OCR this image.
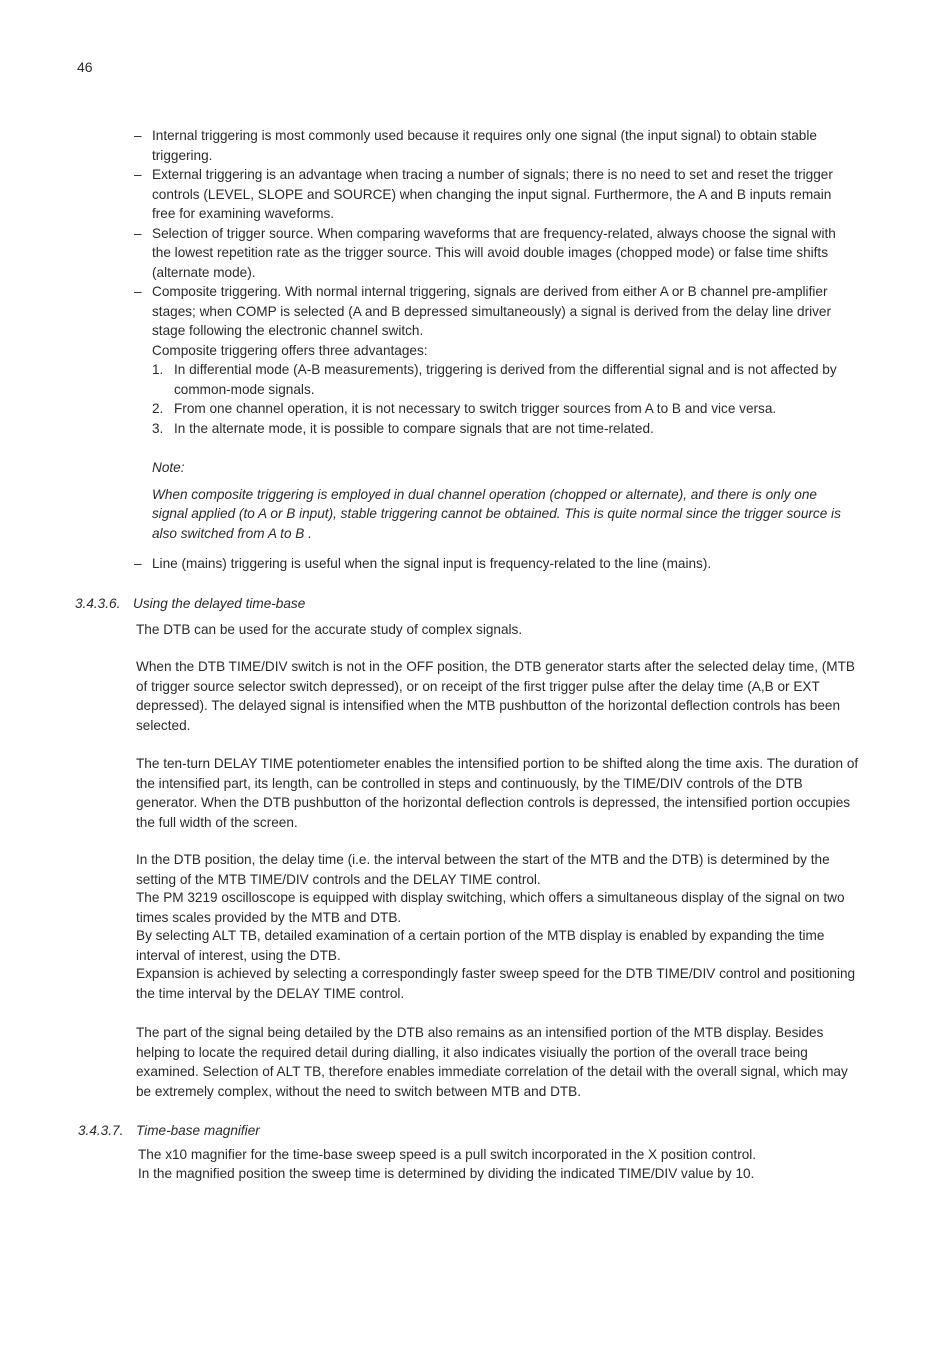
46
– Internal triggering is most commonly used because it requires only one signal (the input signal) to obtain stable triggering.
– External triggering is an advantage when tracing a number of signals; there is no need to set and reset the trigger controls (LEVEL, SLOPE and SOURCE) when changing the input signal. Furthermore, the A and B inputs remain free for examining waveforms.
– Selection of trigger source. When comparing waveforms that are frequency-related, always choose the signal with the lowest repetition rate as the trigger source. This will avoid double images (chopped mode) or false time shifts (alternate mode).
– Composite triggering. With normal internal triggering, signals are derived from either A or B channel pre-amplifier stages; when COMP is selected (A and B depressed simultaneously) a signal is derived from the delay line driver stage following the electronic channel switch.
Composite triggering offers three advantages:
1. In differential mode (A-B measurements), triggering is derived from the differential signal and is not affected by common-mode signals.
2. From one channel operation, it is not necessary to switch trigger sources from A to B and vice versa.
3. In the alternate mode, it is possible to compare signals that are not time-related.
Note:
When composite triggering is employed in dual channel operation (chopped or alternate), and there is only one signal applied (to A or B input), stable triggering cannot be obtained. This is quite normal since the trigger source is also switched from A to B .
– Line (mains) triggering is useful when the signal input is frequency-related to the line (mains).
3.4.3.6. Using the delayed time-base

The DTB can be used for the accurate study of complex signals.

When the DTB TIME/DIV switch is not in the OFF position, the DTB generator starts after the selected delay time, (MTB of trigger source selector switch depressed), or on receipt of the first trigger pulse after the delay time (A,B or EXT depressed). The delayed signal is intensified when the MTB pushbutton of the horizontal deflection controls has been selected.

The ten-turn DELAY TIME potentiometer enables the intensified portion to be shifted along the time axis. The duration of the intensified part, its length, can be controlled in steps and continuously, by the TIME/DIV controls of the DTB generator. When the DTB pushbutton of the horizontal deflection controls is depressed, the intensified portion occupies the full width of the screen.

In the DTB position, the delay time (i.e. the interval between the start of the MTB and the DTB) is determined by the setting of the MTB TIME/DIV controls and the DELAY TIME control.

The PM 3219 oscilloscope is equipped with display switching, which offers a simultaneous display of the signal on two times scales provided by the MTB and DTB.

By selecting ALT TB, detailed examination of a certain portion of the MTB display is enabled by expanding the time interval of interest, using the DTB.

Expansion is achieved by selecting a correspondingly faster sweep speed for the DTB TIME/DIV control and positioning the time interval by the DELAY TIME control.

The part of the signal being detailed by the DTB also remains as an intensified portion of the MTB display. Besides helping to locate the required detail during dialling, it also indicates visiually the portion of the overall trace being examined. Selection of ALT TB, therefore enables immediate correlation of the detail with the overall signal, which may be extremely complex, without the need to switch between MTB and DTB.

3.4.3.7. Time-base magnifier

The x10 magnifier for the time-base sweep speed is a pull switch incorporated in the X position control.

In the magnified position the sweep time is determined by dividing the indicated TIME/DIV value by 10.
